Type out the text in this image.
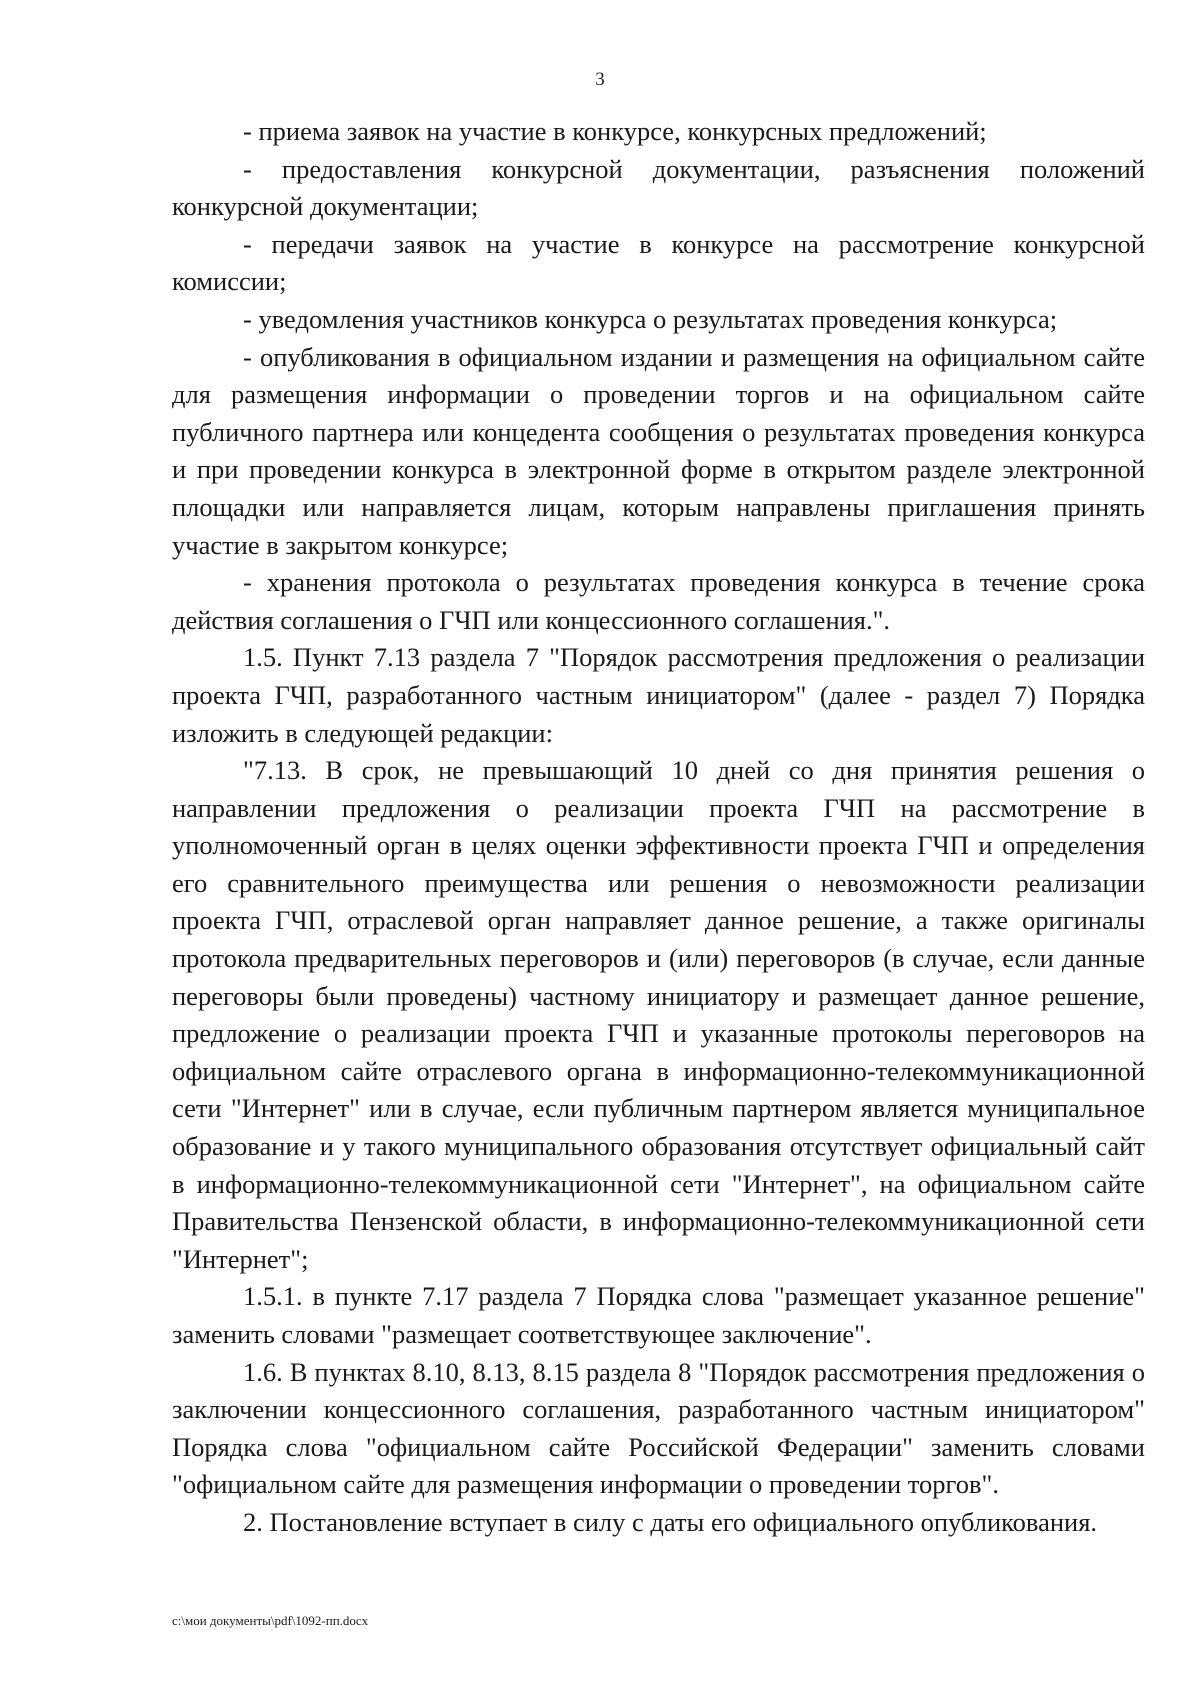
3

- приема заявок на участие в конкурсе, конкурсных предложений;

- предоставления конкурсной документации, разъяснения положений конкурсной документации;

- передачи заявок на участие в конкурсе на рассмотрение конкурсной комиссии;

- уведомления участников конкурса о результатах проведения конкурса;

- опубликования в официальном издании и размещения на официальном сайте для размещения информации о проведении торгов и на официальном сайте публичного партнера или концедента сообщения о результатах проведения конкурса и при проведении конкурса в электронной форме в открытом разделе электронной площадки или направляется лицам, которым направлены приглашения принять участие в закрытом конкурсе;

- хранения протокола о результатах проведения конкурса в течение срока действия соглашения о ГЧП или концессионного соглашения.".

1.5. Пункт 7.13 раздела 7 "Порядок рассмотрения предложения о реализации проекта ГЧП, разработанного частным инициатором" (далее - раздел 7) Порядка изложить в следующей редакции:

"7.13. В срок, не превышающий 10 дней со дня принятия решения о направлении предложения о реализации проекта ГЧП на рассмотрение в уполномоченный орган в целях оценки эффективности проекта ГЧП и определения его сравнительного преимущества или решения о невозможности реализации проекта ГЧП, отраслевой орган направляет данное решение, а также оригиналы протокола предварительных переговоров и (или) переговоров (в случае, если данные переговоры были проведены) частному инициатору и размещает данное решение, предложение о реализации проекта ГЧП и указанные протоколы переговоров на официальном сайте отраслевого органа в информационно-телекоммуникационной сети "Интернет" или в случае, если публичным партнером является муниципальное образование и у такого муниципального образования отсутствует официальный сайт в информационно-телекоммуникационной сети "Интернет", на официальном сайте Правительства Пензенской области, в информационно-телекоммуникационной сети "Интернет";

1.5.1. в пункте 7.17 раздела 7 Порядка слова "размещает указанное решение" заменить словами "размещает соответствующее заключение".

1.6. В пунктах 8.10, 8.13, 8.15 раздела 8 "Порядок рассмотрения предложения о заключении концессионного соглашения, разработанного частным инициатором" Порядка слова "официальном сайте Российской Федерации" заменить словами "официальном сайте для размещения информации о проведении торгов".

2. Постановление вступает в силу с даты его официального опубликования.

c:\мои документы\pdf\1092-пп.docx
